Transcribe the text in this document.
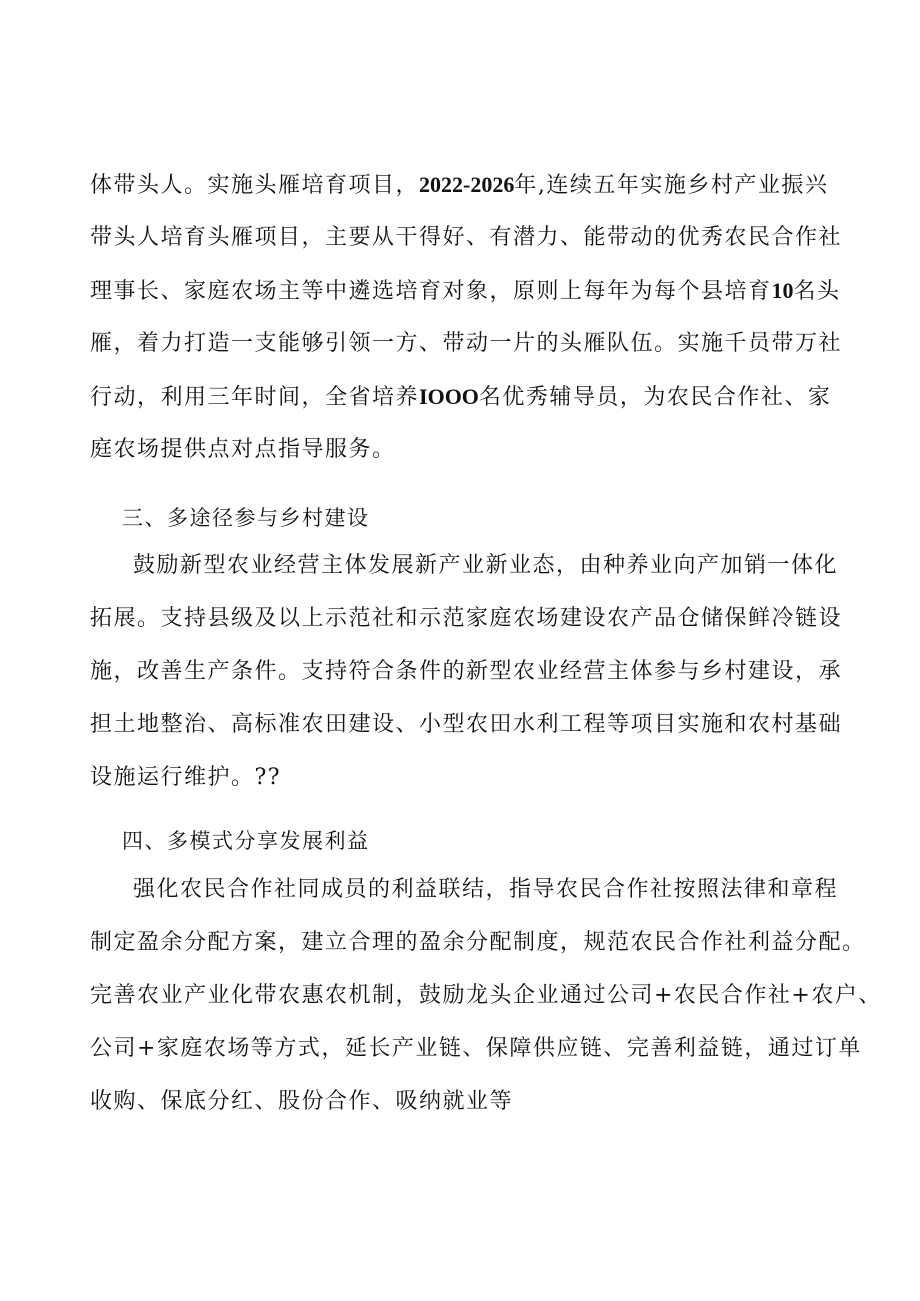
体带头人。实施头雁培育项目，2022-2026年,连续五年实施乡村产业振兴
带头人培育头雁项目，主要从干得好、有潜力、能带动的优秀农民合作社
理事长、家庭农场主等中遴选培育对象，原则上每年为每个县培育10名头
雁，着力打造一支能够引领一方、带动一片的头雁队伍。实施千员带万社
行动，利用三年时间，全省培养IOOO名优秀辅导员，为农民合作社、家
庭农场提供点对点指导服务。
三、多途径参与乡村建设
鼓励新型农业经营主体发展新产业新业态，由种养业向产加销一体化
拓展。支持县级及以上示范社和示范家庭农场建设农产品仓储保鲜冷链设
施，改善生产条件。支持符合条件的新型农业经营主体参与乡村建设，承
担土地整治、高标准农田建设、小型农田水利工程等项目实施和农村基础
设施运行维护。??
四、多模式分享发展利益
强化农民合作社同成员的利益联结，指导农民合作社按照法律和章程
制定盈余分配方案，建立合理的盈余分配制度，规范农民合作社利益分配。
完善农业产业化带农惠农机制，鼓励龙头企业通过公司+农民合作社+农户、
公司+家庭农场等方式，延长产业链、保障供应链、完善利益链，通过订单
收购、保底分红、股份合作、吸纳就业等
